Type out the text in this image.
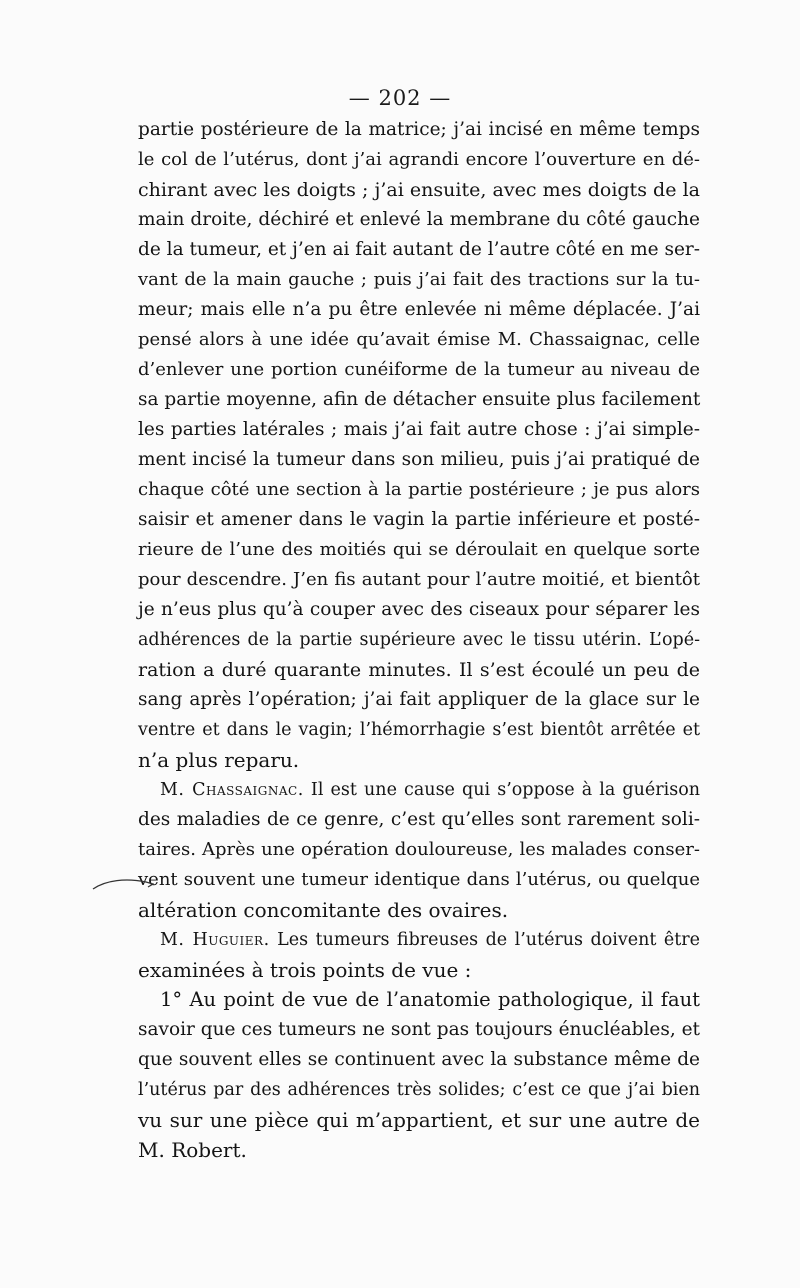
— 202 —
partie postérieure de la matrice; j’ai incisé en même temps
le col de l’utérus, dont j’ai agrandi encore l’ouverture en dé-
chirant avec les doigts ; j’ai ensuite, avec mes doigts de la
main droite, déchiré et enlevé la membrane du côté gauche
de la tumeur, et j’en ai fait autant de l’autre côté en me ser-
vant de la main gauche ; puis j’ai fait des tractions sur la tu-
meur; mais elle n’a pu être enlevée ni même déplacée. J’ai
pensé alors à une idée qu’avait émise M. Chassaignac, celle
d’enlever une portion cunéiforme de la tumeur au niveau de
sa partie moyenne, afin de détacher ensuite plus facilement
les parties latérales ; mais j’ai fait autre chose : j’ai simple-
ment incisé la tumeur dans son milieu, puis j’ai pratiqué de
chaque côté une section à la partie postérieure ; je pus alors
saisir et amener dans le vagin la partie inférieure et posté-
rieure de l’une des moitiés qui se déroulait en quelque sorte
pour descendre. J’en fis autant pour l’autre moitié, et bientôt
je n’eus plus qu’à couper avec des ciseaux pour séparer les
adhérences de la partie supérieure avec le tissu utérin. L’opé-
ration a duré quarante minutes. Il s’est écoulé un peu de
sang après l’opération; j’ai fait appliquer de la glace sur le
ventre et dans le vagin; l’hémorrhagie s’est bientôt arrêtée et
n’a plus reparu.
M. Chassaignac. Il est une cause qui s’oppose à la guérison
des maladies de ce genre, c’est qu’elles sont rarement soli-
taires. Après une opération douloureuse, les malades conser-
vent souvent une tumeur identique dans l’utérus, ou quelque
altération concomitante des ovaires.
M. Huguier. Les tumeurs fibreuses de l’utérus doivent être
examinées à trois points de vue :
1° Au point de vue de l’anatomie pathologique, il faut
savoir que ces tumeurs ne sont pas toujours énucléables, et
que souvent elles se continuent avec la substance même de
l’utérus par des adhérences très solides; c’est ce que j’ai bien
vu sur une pièce qui m’appartient, et sur une autre de
M. Robert.
